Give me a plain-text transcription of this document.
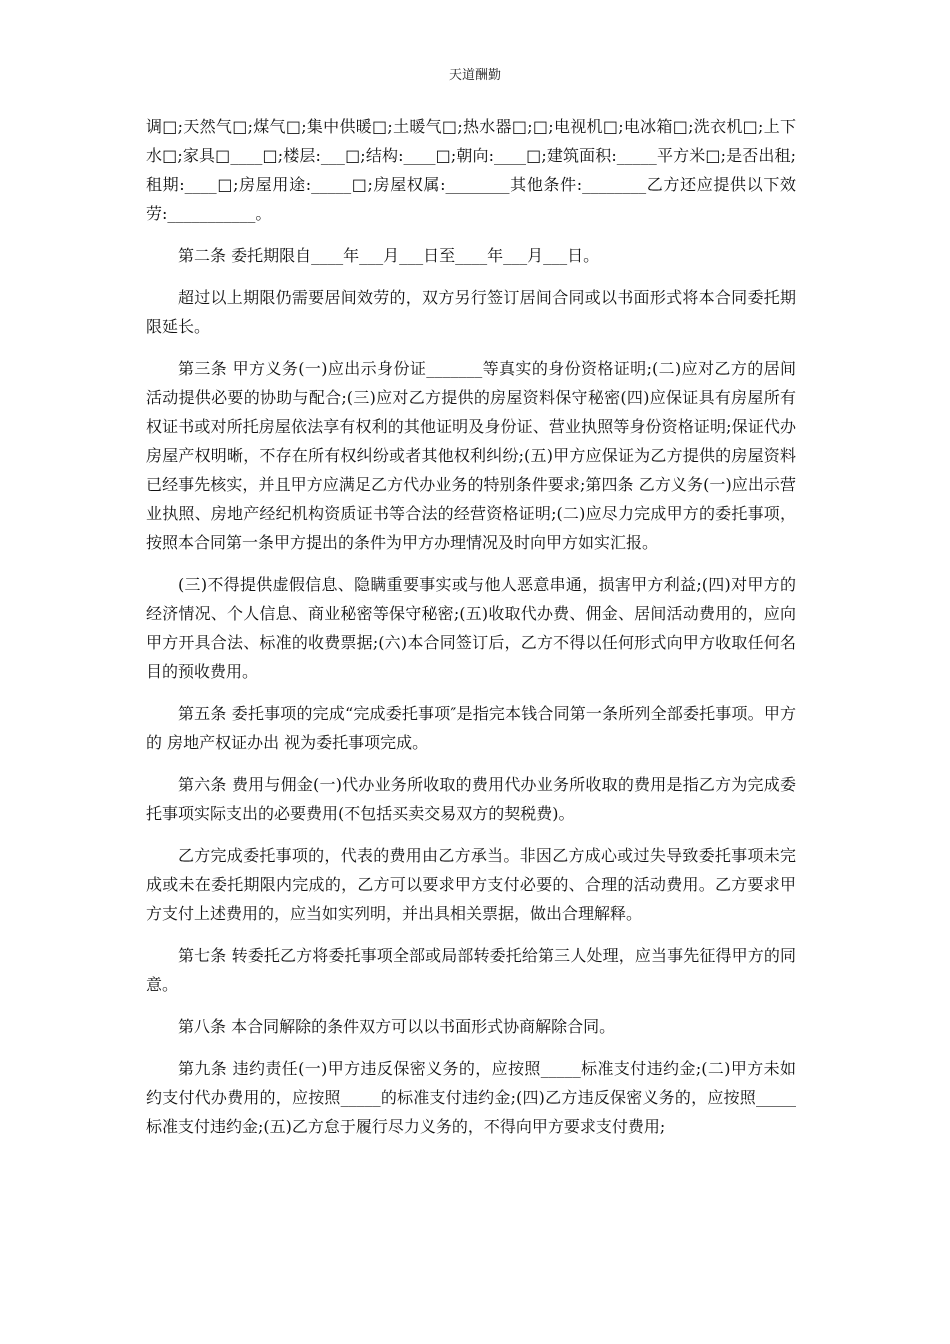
天道酬勤

调□;天然气□;煤气□;集中供暖□;土暖气□;热水器□;□;电视机□;电冰箱□;洗衣机□;上下水□;家具□____□;楼层:___□;结构:____□;朝向:____□;建筑面积:_____平方米□;是否出租;租期:____□;房屋用途:_____□;房屋权属:________其他条件:________乙方还应提供以下效劳:___________。

第二条 委托期限自____年___月___日至____年___月___日。

超过以上期限仍需要居间效劳的，双方另行签订居间合同或以书面形式将本合同委托期限延长。

第三条 甲方义务(一)应出示身份证_______等真实的身份资格证明;(二)应对乙方的居间活动提供必要的协助与配合;(三)应对乙方提供的房屋资料保守秘密(四)应保证具有房屋所有权证书或对所托房屋依法享有权利的其他证明及身份证、营业执照等身份资格证明;保证代办房屋产权明晰，不存在所有权纠纷或者其他权利纠纷;(五)甲方应保证为乙方提供的房屋资料已经事先核实，并且甲方应满足乙方代办业务的特别条件要求;第四条 乙方义务(一)应出示营业执照、房地产经纪机构资质证书等合法的经营资格证明;(二)应尽力完成甲方的委托事项，按照本合同第一条甲方提出的条件为甲方办理情况及时向甲方如实汇报。

(三)不得提供虚假信息、隐瞒重要事实或与他人恶意串通，损害甲方利益;(四)对甲方的经济情况、个人信息、商业秘密等保守秘密;(五)收取代办费、佣金、居间活动费用的，应向甲方开具合法、标准的收费票据;(六)本合同签订后，乙方不得以任何形式向甲方收取任何名目的预收费用。

第五条 委托事项的完成“完成委托事项″是指完本钱合同第一条所列全部委托事项。甲方的 房地产权证办出 视为委托事项完成。

第六条 费用与佣金(一)代办业务所收取的费用代办业务所收取的费用是指乙方为完成委托事项实际支出的必要费用(不包括买卖交易双方的契税费)。

乙方完成委托事项的，代表的费用由乙方承当。非因乙方成心或过失导致委托事项未完成或未在委托期限内完成的，乙方可以要求甲方支付必要的、合理的活动费用。乙方要求甲方支付上述费用的，应当如实列明，并出具相关票据，做出合理解释。

第七条 转委托乙方将委托事项全部或局部转委托给第三人处理，应当事先征得甲方的同意。

第八条 本合同解除的条件双方可以以书面形式协商解除合同。

第九条 违约责任(一)甲方违反保密义务的，应按照_____标准支付违约金;(二)甲方未如约支付代办费用的，应按照_____的标准支付违约金;(四)乙方违反保密义务的，应按照_____标准支付违约金;(五)乙方怠于履行尽力义务的，不得向甲方要求支付费用;
